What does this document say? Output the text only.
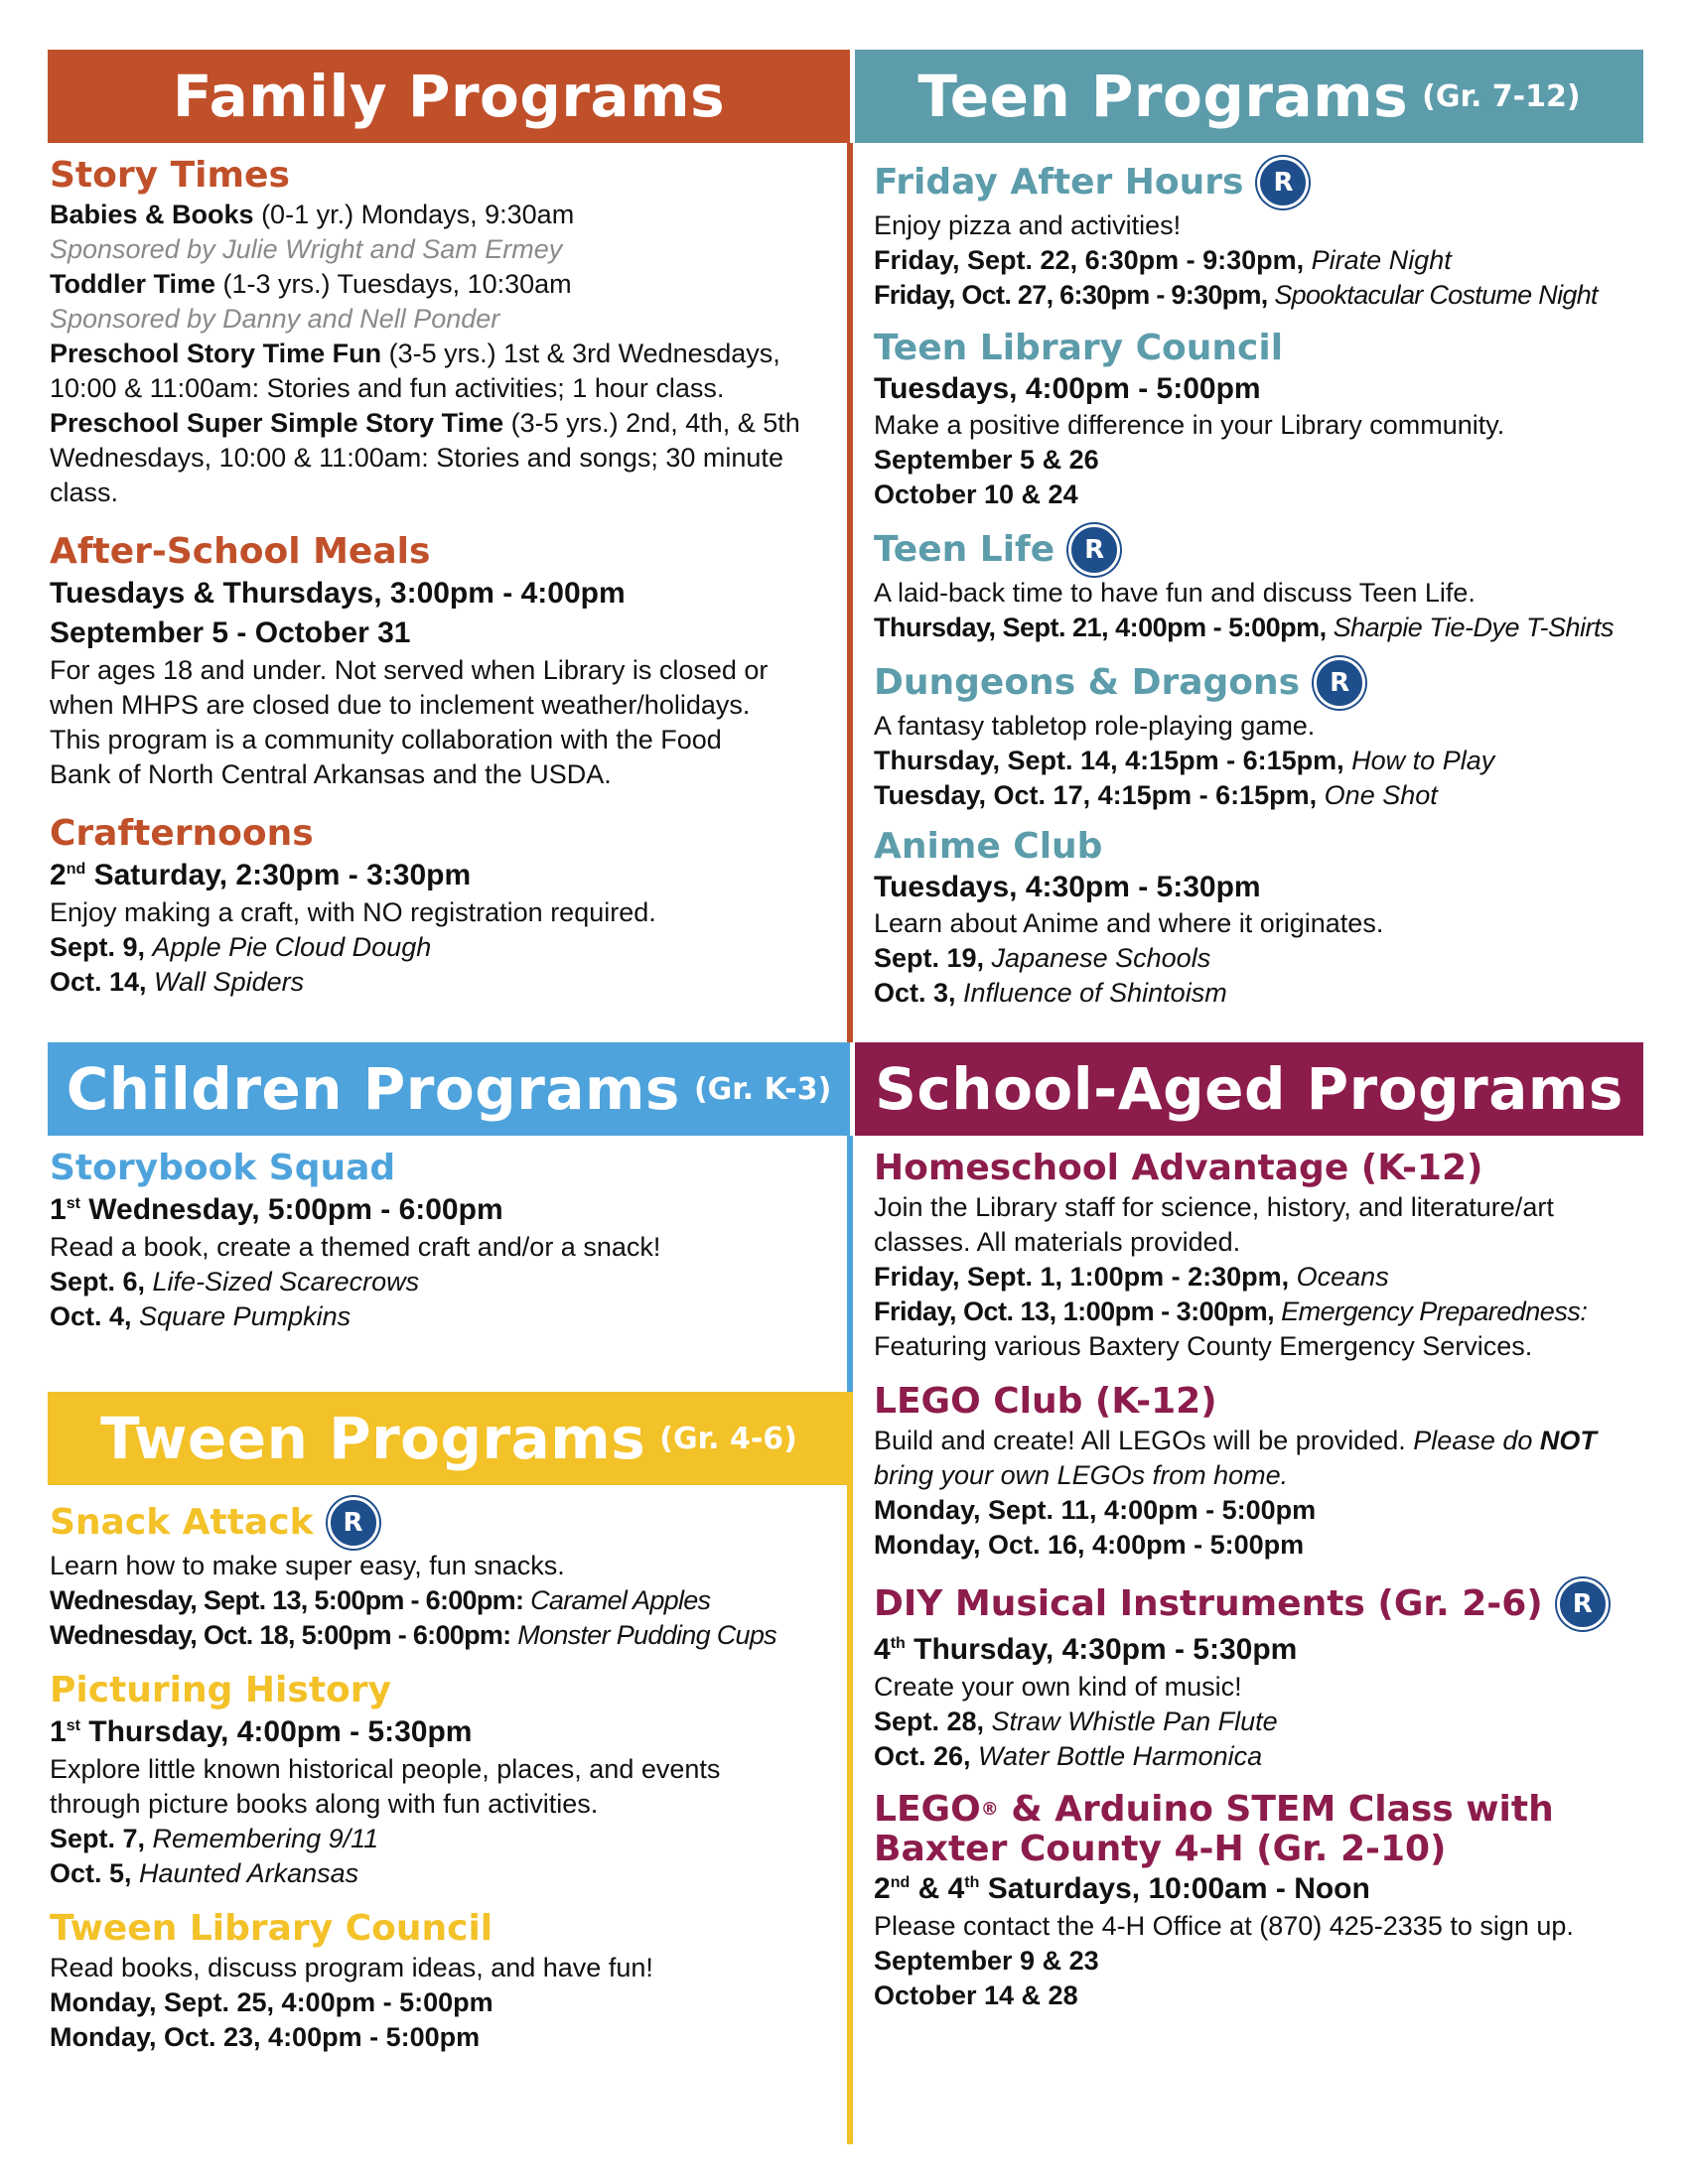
Family Programs	Teen Programs (Gr. 7-12)
Children Programs (Gr. K-3) School-Aged Programs
Tween Programs (Gr. 4-6)
Story Times
Babies & Books (0-1 yr.) Mondays, 9:30am
Sponsored by Julie Wright and Sam Ermey
Toddler Time (1-3 yrs.) Tuesdays, 10:30am
Sponsored by Danny and Nell Ponder
Preschool Story Time Fun (3-5 yrs.) 1st & 3rd Wednesdays,
10:00 & 11:00am: Stories and fun activities; 1 hour class.
Preschool Super Simple Story Time (3-5 yrs.) 2nd, 4th, & 5th
Wednesdays, 10:00 & 11:00am: Stories and songs; 30 minute
class.
After-School Meals
Tuesdays & Thursdays, 3:00pm - 4:00pm
September 5 - October 31
For ages 18 and under. Not served when Library is closed or
when MHPS are closed due to inclement weather/holidays.
This program is a community collaboration with the Food
Bank of North Central Arkansas and the USDA.
Crafternoons
2nd Saturday, 2:30pm - 3:30pm
Enjoy making a craft, with NO registration required.
Sept. 9, Apple Pie Cloud Dough
Oct. 14, Wall Spiders
Friday After Hours	R
Enjoy pizza and activities!
Friday, Sept. 22, 6:30pm - 9:30pm, Pirate Night
Friday, Oct. 27, 6:30pm - 9:30pm, Spooktacular Costume Night
Teen Library Council
Tuesdays, 4:00pm - 5:00pm
Make a positive difference in your Library community.
September 5 & 26
October 10 & 24
Teen Life	R
A laid-back time to have fun and discuss Teen Life.
Thursday, Sept. 21, 4:00pm - 5:00pm, Sharpie Tie-Dye T-Shirts
Dungeons & Dragons	R
A fantasy tabletop role-playing game.
Thursday, Sept. 14, 4:15pm - 6:15pm, How to Play
Tuesday, Oct. 17, 4:15pm - 6:15pm, One Shot
Anime Club
Tuesdays, 4:30pm - 5:30pm
Learn about Anime and where it originates.
Sept. 19, Japanese Schools
Oct. 3, Influence of Shintoism
Storybook Squad
1st Wednesday, 5:00pm - 6:00pm
Read a book, create a themed craft and/or a snack!
Sept. 6, Life-Sized Scarecrows
Oct. 4, Square Pumpkins
Snack Attack	R
Learn how to make super easy, fun snacks.
Wednesday, Sept. 13, 5:00pm - 6:00pm: Caramel Apples
Wednesday, Oct. 18, 5:00pm - 6:00pm: Monster Pudding Cups
Picturing History
1st Thursday, 4:00pm - 5:30pm
Explore little known historical people, places, and events
through picture books along with fun activities.
Sept. 7, Remembering 9/11
Oct. 5, Haunted Arkansas
Tween Library Council
Read books, discuss program ideas, and have fun!
Monday, Sept. 25, 4:00pm - 5:00pm
Monday, Oct. 23, 4:00pm - 5:00pm
Homeschool Advantage (K-12)
Join the Library staff for science, history, and literature/art
classes. All materials provided.
Friday, Sept. 1, 1:00pm - 2:30pm, Oceans
Friday, Oct. 13, 1:00pm - 3:00pm, Emergency Preparedness:
Featuring various Baxtery County Emergency Services.
LEGO Club (K-12)
Build and create! All LEGOs will be provided. Please do NOT
bring your own LEGOs from home.
Monday, Sept. 11, 4:00pm - 5:00pm
Monday, Oct. 16, 4:00pm - 5:00pm
DIY Musical Instruments (Gr. 2-6)	R
4th Thursday, 4:30pm - 5:30pm
Create your own kind of music!
Sept. 28, Straw Whistle Pan Flute
Oct. 26, Water Bottle Harmonica
LEGO ® & Arduino STEM Class with
Baxter County 4-H (Gr. 2-10)
2nd & 4th Saturdays, 10:00am - Noon
Please contact the 4-H Office at (870) 425-2335 to sign up.
September 9 & 23
October 14 & 28
